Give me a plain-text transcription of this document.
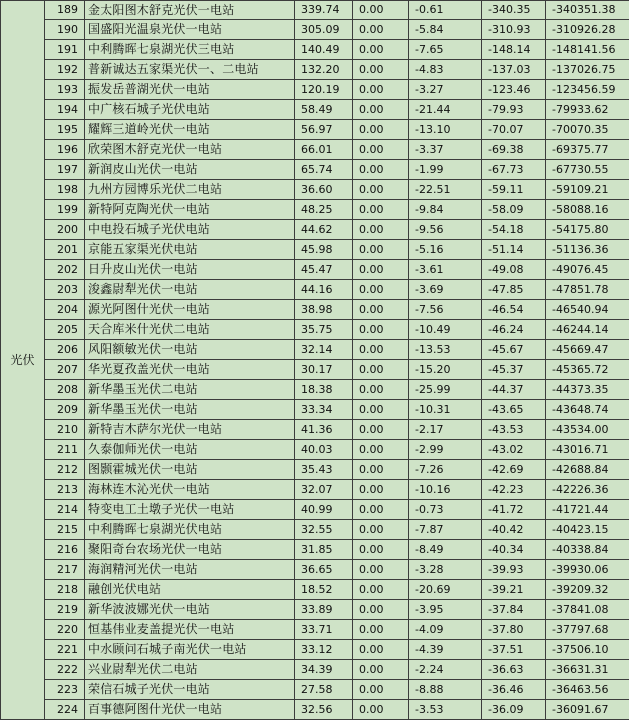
光伏	189	金太阳图木舒克光伏一电站	339.74	0.00	-0.61	-340.35	-340351.38
	190	国盛阳光温泉光伏一电站	305.09	0.00	-5.84	-310.93	-310926.28
	191	中利腾晖七泉湖光伏三电站	140.49	0.00	-7.65	-148.14	-148141.56
	192	普新诚达五家渠光伏一、二电站	132.20	0.00	-4.83	-137.03	-137026.75
	193	振发岳普湖光伏一电站	120.19	0.00	-3.27	-123.46	-123456.59
	194	中广核石城子光伏电站	58.49	0.00	-21.44	-79.93	-79933.62
	195	耀辉三道岭光伏一电站	56.97	0.00	-13.10	-70.07	-70070.35
	196	欣荣图木舒克光伏一电站	66.01	0.00	-3.37	-69.38	-69375.77
	197	新润皮山光伏一电站	65.74	0.00	-1.99	-67.73	-67730.55
	198	九州方园博乐光伏二电站	36.60	0.00	-22.51	-59.11	-59109.21
	199	新特阿克陶光伏一电站	48.25	0.00	-9.84	-58.09	-58088.16
	200	中电投石城子光伏电站	44.62	0.00	-9.56	-54.18	-54175.80
	201	京能五家渠光伏电站	45.98	0.00	-5.16	-51.14	-51136.36
	202	日升皮山光伏一电站	45.47	0.00	-3.61	-49.08	-49076.45
	203	浚鑫尉犁光伏一电站	44.16	0.00	-3.69	-47.85	-47851.78
	204	源光阿图什光伏一电站	38.98	0.00	-7.56	-46.54	-46540.94
	205	天合库米什光伏二电站	35.75	0.00	-10.49	-46.24	-46244.14
	206	风阳额敏光伏一电站	32.14	0.00	-13.53	-45.67	-45669.47
	207	华光夏孜盖光伏一电站	30.17	0.00	-15.20	-45.37	-45365.72
	208	新华墨玉光伏二电站	18.38	0.00	-25.99	-44.37	-44373.35
	209	新华墨玉光伏一电站	33.34	0.00	-10.31	-43.65	-43648.74
	210	新特吉木萨尔光伏一电站	41.36	0.00	-2.17	-43.53	-43534.00
	211	久泰伽师光伏一电站	40.03	0.00	-2.99	-43.02	-43016.71
	212	图颢霍城光伏一电站	35.43	0.00	-7.26	-42.69	-42688.84
	213	海林连木沁光伏一电站	32.07	0.00	-10.16	-42.23	-42226.36
	214	特变电工土墩子光伏一电站	40.99	0.00	-0.73	-41.72	-41721.44
	215	中利腾晖七泉湖光伏电站	32.55	0.00	-7.87	-40.42	-40423.15
	216	聚阳奇台农场光伏一电站	31.85	0.00	-8.49	-40.34	-40338.84
	217	海润精河光伏一电站	36.65	0.00	-3.28	-39.93	-39930.06
	218	融创光伏电站	18.52	0.00	-20.69	-39.21	-39209.32
	219	新华波波娜光伏一电站	33.89	0.00	-3.95	-37.84	-37841.08
	220	恒基伟业麦盖提光伏一电站	33.71	0.00	-4.09	-37.80	-37797.68
	221	中水顾问石城子南光伏一电站	33.12	0.00	-4.39	-37.51	-37506.10
	222	兴业尉犁光伏二电站	34.39	0.00	-2.24	-36.63	-36631.31
	223	荣信石城子光伏一电站	27.58	0.00	-8.88	-36.46	-36463.56
	224	百事德阿图什光伏一电站	32.56	0.00	-3.53	-36.09	-36091.67
